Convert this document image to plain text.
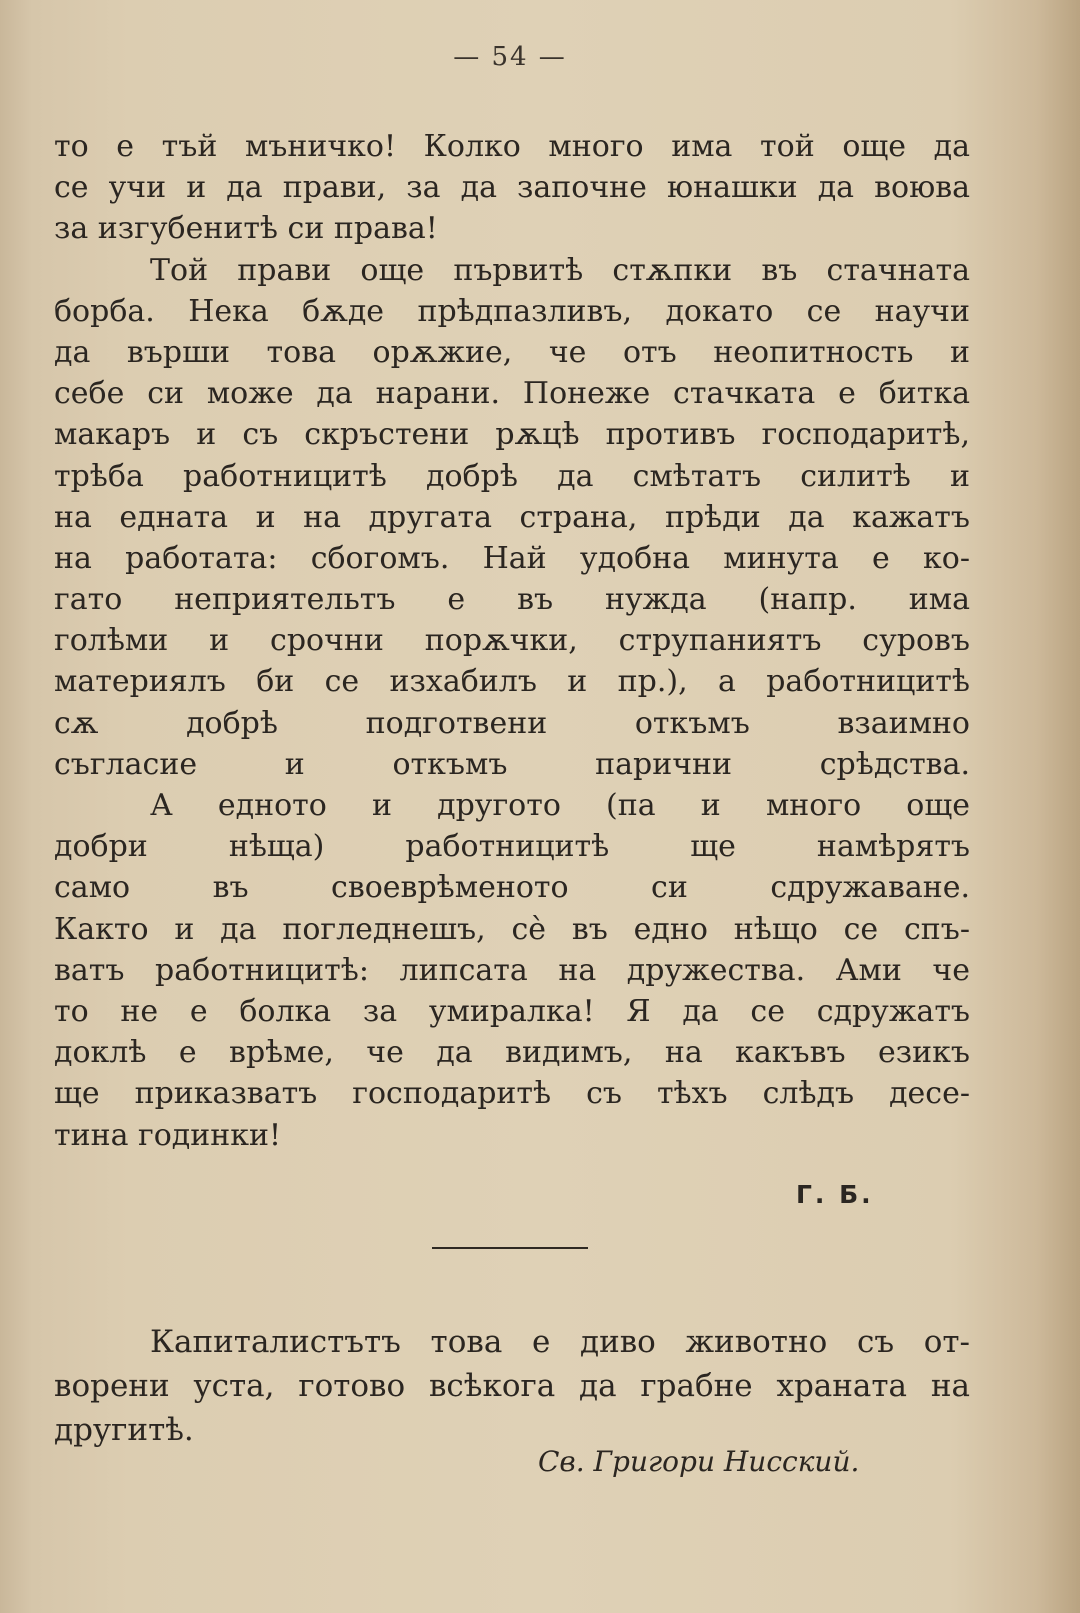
— 54 —
то е тъй мъничко! Колко много има той още да
се учи и да прави, за да започне юнашки да воюва
за изгубенитѣ си права!
Той прави още първитѣ стѫпки въ стачната
борба. Нека бѫде прѣдпазливъ, докато се научи
да върши това орѫжие, че отъ неопитность и
себе си може да нарани. Понеже стачката е битка
макаръ и съ скръстени рѫцѣ противъ господаритѣ,
трѣба работницитѣ добрѣ да смѣтатъ силитѣ и
на едната и на другата страна, прѣди да кажатъ
на работата: сбогомъ. Най удобна минута е ко-
гато неприятельтъ е въ нужда (напр. има
голѣми и срочни порѫчки, струпаниятъ суровъ
материялъ би се изхабилъ и пр.), а работницитѣ
сѫ добрѣ подготвени откъмъ взаимно
съгласие и откъмъ парични срѣдства.
А едното и другото (па и много още
добри нѣща) работницитѣ ще намѣрятъ
само въ своеврѣменото си сдружаване.
Както и да погледнешъ, сѐ въ едно нѣщо се спъ-
ватъ работницитѣ: липсата на дружества. Ами че
то не е болка за умиралка! Я да се сдружатъ
доклѣ е врѣме, че да видимъ, на какъвъ езикъ
ще приказватъ господаритѣ съ тѣхъ слѣдъ десе-
тина годинки!
Г. Б.
Капиталистътъ това е диво животно съ от-
ворени уста, готово всѣкога да грабне храната на
другитѣ.
Св. Григори Нисский.
